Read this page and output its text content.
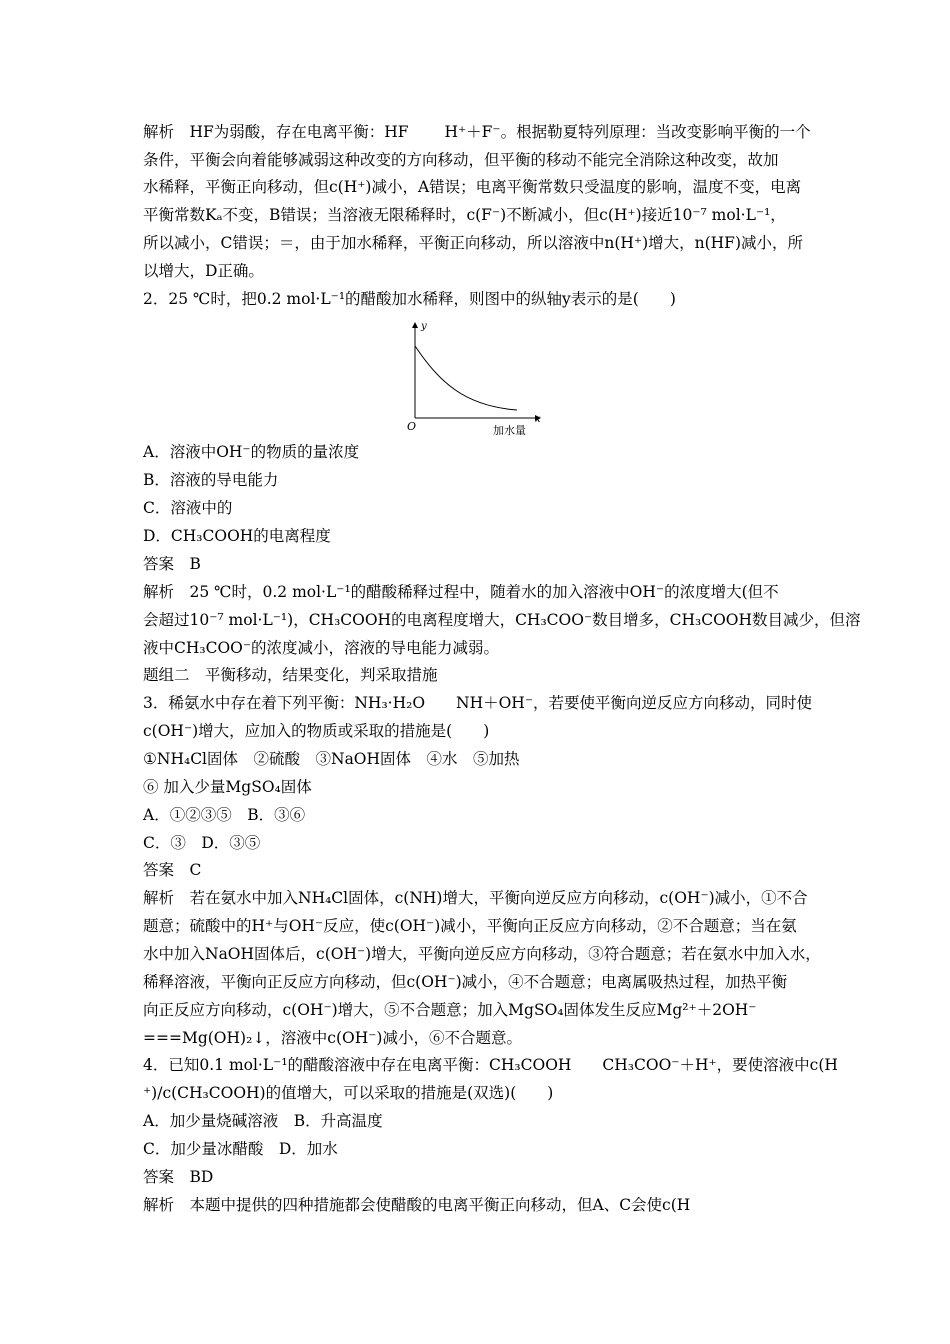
解析　HF为弱酸，存在电离平衡：HF　　 H⁺＋F⁻。根据勒夏特列原理：当改变影响平衡的一个
条件，平衡会向着能够减弱这种改变的方向移动，但平衡的移动不能完全消除这种改变，故加
水稀释，平衡正向移动，但c(H⁺)减小，A错误；电离平衡常数只受温度的影响，温度不变，电离
平衡常数Kₐ不变，B错误；当溶液无限稀释时，c(F⁻)不断减小，但c(H⁺)接近10⁻⁷ mol·L⁻¹，
所以减小，C错误；＝，由于加水稀释，平衡正向移动，所以溶液中n(H⁺)增大，n(HF)减小，所
以增大，D正确。
2．25 ℃时，把0.2 mol·L⁻¹的醋酸加水稀释，则图中的纵轴y表示的是(　　)
y
x
O	加水量
A．溶液中OH⁻的物质的量浓度
B．溶液的导电能力
C．溶液中的
D．CH₃COOH的电离程度
答案　B
解析　25 ℃时，0.2 mol·L⁻¹的醋酸稀释过程中，随着水的加入溶液中OH⁻的浓度增大(但不
会超过10⁻⁷ mol·L⁻¹)，CH₃COOH的电离程度增大，CH₃COO⁻数目增多，CH₃COOH数目减少，但溶
液中CH₃COO⁻的浓度减小，溶液的导电能力减弱。
题组二　平衡移动，结果变化，判采取措施
3．稀氨水中存在着下列平衡：NH₃·H₂O　　NH＋OH⁻，若要使平衡向逆反应方向移动，同时使
c(OH⁻)增大，应加入的物质或采取的措施是(　　)
①NH₄Cl固体　②硫酸　③NaOH固体　④水　⑤加热
⑥ 加入少量MgSO₄固体
A．①②③⑤　B．③⑥
C．③　D．③⑤
答案　C
解析　若在氨水中加入NH₄Cl固体，c(NH)增大，平衡向逆反应方向移动，c(OH⁻)减小，①不合
题意；硫酸中的H⁺与OH⁻反应，使c(OH⁻)减小，平衡向正反应方向移动，②不合题意；当在氨
水中加入NaOH固体后，c(OH⁻)增大，平衡向逆反应方向移动，③符合题意；若在氨水中加入水，
稀释溶液，平衡向正反应方向移动，但c(OH⁻)减小，④不合题意；电离属吸热过程，加热平衡
向正反应方向移动，c(OH⁻)增大，⑤不合题意；加入MgSO₄固体发生反应Mg²⁺＋2OH⁻
===Mg(OH)₂↓，溶液中c(OH⁻)减小，⑥不合题意。
4．已知0.1 mol·L⁻¹的醋酸溶液中存在电离平衡：CH₃COOH　　CH₃COO⁻＋H⁺，要使溶液中c(H
⁺)/c(CH₃COOH)的值增大，可以采取的措施是(双选)(　　)
A．加少量烧碱溶液　B．升高温度
C．加少量冰醋酸　D．加水
答案　BD
解析　本题中提供的四种措施都会使醋酸的电离平衡正向移动，但A、C会使c(H
